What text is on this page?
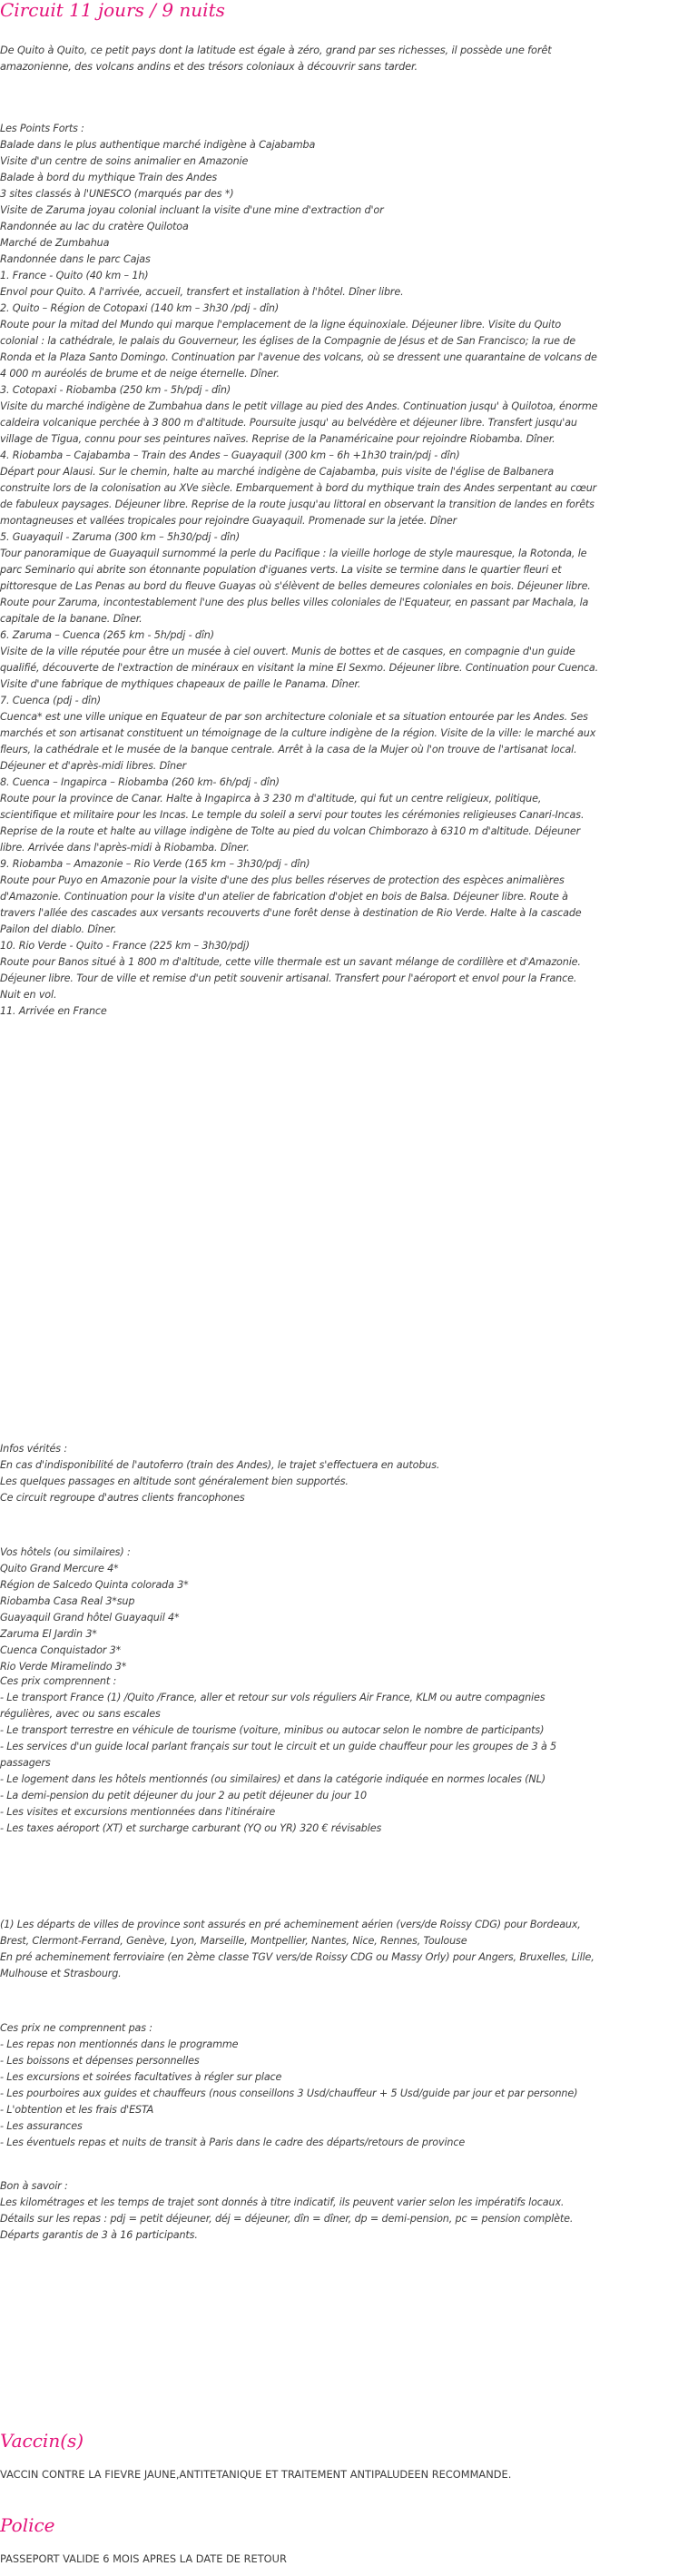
Circuit 11 jours / 9 nuits

De Quito à Quito, ce petit pays dont la latitude est égale à zéro, grand par ses richesses, il possède une forêt

amazonienne, des volcans andins et des trésors coloniaux à découvrir sans tarder.

Les Points Forts :

Balade dans le plus authentique marché indigène à Cajabamba

Visite d'un centre de soins animalier en Amazonie

Balade à bord du mythique Train des Andes

3 sites classés à l'UNESCO (marqués par des *)

Visite de Zaruma joyau colonial incluant la visite d'une mine d'extraction d'or

Randonnée au lac du cratère Quilotoa

Marché de Zumbahua

Randonnée dans le parc Cajas

1. France - Quito (40 km – 1h)

Envol pour Quito. A l'arrivée, accueil, transfert et installation à l'hôtel. Dîner libre.

2. Quito – Région de Cotopaxi (140 km – 3h30 /pdj - dîn)

Route pour la mitad del Mundo qui marque l'emplacement de la ligne équinoxiale. Déjeuner libre. Visite du Quito

colonial : la cathédrale, le palais du Gouverneur, les églises de la Compagnie de Jésus et de San Francisco; la rue de

Ronda et la Plaza Santo Domingo. Continuation par l'avenue des volcans, où se dressent une quarantaine de volcans de

4 000 m auréolés de brume et de neige éternelle. Dîner.

3. Cotopaxi - Riobamba (250 km - 5h/pdj - dîn)

Visite du marché indigène de Zumbahua dans le petit village au pied des Andes. Continuation jusqu' à Quilotoa, énorme

caldeira volcanique perchée à 3 800 m d'altitude. Poursuite jusqu' au belvédère et déjeuner libre. Transfert jusqu'au

village de Tigua, connu pour ses peintures naïves. Reprise de la Panaméricaine pour rejoindre Riobamba. Dîner.

4. Riobamba – Cajabamba – Train des Andes – Guayaquil (300 km – 6h +1h30 train/pdj - dîn)

Départ pour Alausi. Sur le chemin, halte au marché indigène de Cajabamba, puis visite de l'église de Balbanera

construite lors de la colonisation au XVe siècle. Embarquement à bord du mythique train des Andes serpentant au cœur

de fabuleux paysages. Déjeuner libre. Reprise de la route jusqu'au littoral en observant la transition de landes en forêts

montagneuses et vallées tropicales pour rejoindre Guayaquil. Promenade sur la jetée. Dîner

5. Guayaquil - Zaruma (300 km – 5h30/pdj - dîn)

Tour panoramique de Guayaquil surnommé la perle du Pacifique : la vieille horloge de style mauresque, la Rotonda, le

parc Seminario qui abrite son étonnante population d'iguanes verts. La visite se termine dans le quartier fleuri et

pittoresque de Las Penas au bord du fleuve Guayas où s'élèvent de belles demeures coloniales en bois. Déjeuner libre.

Route pour Zaruma, incontestablement l'une des plus belles villes coloniales de l'Equateur, en passant par Machala, la

capitale de la banane. Dîner.

6. Zaruma – Cuenca (265 km - 5h/pdj - dîn)

Visite de la ville réputée pour être un musée à ciel ouvert. Munis de bottes et de casques, en compagnie d'un guide

qualifié, découverte de l'extraction de minéraux en visitant la mine El Sexmo. Déjeuner libre. Continuation pour Cuenca.

Visite d'une fabrique de mythiques chapeaux de paille le Panama. Dîner.

7. Cuenca (pdj - dîn)

Cuenca* est une ville unique en Equateur de par son architecture coloniale et sa situation entourée par les Andes. Ses

marchés et son artisanat constituent un témoignage de la culture indigène de la région. Visite de la ville: le marché aux

fleurs, la cathédrale et le musée de la banque centrale. Arrêt à la casa de la Mujer où l'on trouve de l'artisanat local.

Déjeuner et d'après-midi libres. Dîner

8. Cuenca – Ingapirca – Riobamba (260 km- 6h/pdj - dîn)

Route pour la province de Canar. Halte à Ingapirca à 3 230 m d'altitude, qui fut un centre religieux, politique,

scientifique et militaire pour les Incas. Le temple du soleil a servi pour toutes les cérémonies religieuses Canari-Incas.

Reprise de la route et halte au village indigène de Tolte au pied du volcan Chimborazo à 6310 m d'altitude. Déjeuner

libre. Arrivée dans l'après-midi à Riobamba. Dîner.

9. Riobamba – Amazonie – Rio Verde (165 km – 3h30/pdj - dîn)

Route pour Puyo en Amazonie pour la visite d'une des plus belles réserves de protection des espèces animalières

d'Amazonie. Continuation pour la visite d'un atelier de fabrication d'objet en bois de Balsa. Déjeuner libre. Route à

travers l'allée des cascades aux versants recouverts d'une forêt dense à destination de Rio Verde. Halte à la cascade

Pailon del diablo. Dîner.

10. Rio Verde - Quito - France (225 km – 3h30/pdj)

Route pour Banos situé à 1 800 m d'altitude, cette ville thermale est un savant mélange de cordillère et d'Amazonie.

Déjeuner libre. Tour de ville et remise d'un petit souvenir artisanal. Transfert pour l'aéroport et envol pour la France.

Nuit en vol.

11. Arrivée en France

Infos vérités :

En cas d'indisponibilité de l'autoferro (train des Andes), le trajet s'effectuera en autobus.

Les quelques passages en altitude sont généralement bien supportés.

Ce circuit regroupe d'autres clients francophones

Vos hôtels (ou similaires) :

Quito Grand Mercure 4*

Région de Salcedo Quinta colorada 3*

Riobamba Casa Real 3*sup

Guayaquil Grand hôtel Guayaquil 4*

Zaruma El Jardin 3*

Cuenca Conquistador 3*

Rio Verde Miramelindo 3*

Ces prix comprennent :

- Le transport France (1) /Quito /France, aller et retour sur vols réguliers Air France, KLM ou autre compagnies

régulières, avec ou sans escales

- Le transport terrestre en véhicule de tourisme (voiture, minibus ou autocar selon le nombre de participants)

- Les services d'un guide local parlant français sur tout le circuit et un guide chauffeur pour les groupes de 3 à 5

passagers

- Le logement dans les hôtels mentionnés (ou similaires) et dans la catégorie indiquée en normes locales (NL)

- La demi-pension du petit déjeuner du jour 2 au petit déjeuner du jour 10

- Les visites et excursions mentionnées dans l'itinéraire

- Les taxes aéroport (XT) et surcharge carburant (YQ ou YR) 320 € révisables

(1) Les départs de villes de province sont assurés en pré acheminement aérien (vers/de Roissy CDG) pour Bordeaux,

Brest, Clermont-Ferrand, Genève, Lyon, Marseille, Montpellier, Nantes, Nice, Rennes, Toulouse

En pré acheminement ferroviaire (en 2ème classe TGV vers/de Roissy CDG ou Massy Orly) pour Angers, Bruxelles, Lille,

Mulhouse et Strasbourg.

Ces prix ne comprennent pas :

- Les repas non mentionnés dans le programme

- Les boissons et dépenses personnelles

- Les excursions et soirées facultatives à régler sur place

- Les pourboires aux guides et chauffeurs (nous conseillons 3 Usd/chauffeur + 5 Usd/guide par jour et par personne)

- L'obtention et les frais d'ESTA

- Les assurances

- Les éventuels repas et nuits de transit à Paris dans le cadre des départs/retours de province

Bon à savoir :

Les kilométrages et les temps de trajet sont donnés à titre indicatif, ils peuvent varier selon les impératifs locaux.

Détails sur les repas : pdj = petit déjeuner, déj = déjeuner, dîn = dîner, dp = demi-pension, pc = pension complète.

Départs garantis de 3 à 16 participants.

Vaccin(s)

VACCIN CONTRE LA FIEVRE JAUNE,ANTITETANIQUE ET TRAITEMENT ANTIPALUDEEN RECOMMANDE.

Police

PASSEPORT VALIDE 6 MOIS APRES LA DATE DE RETOUR
